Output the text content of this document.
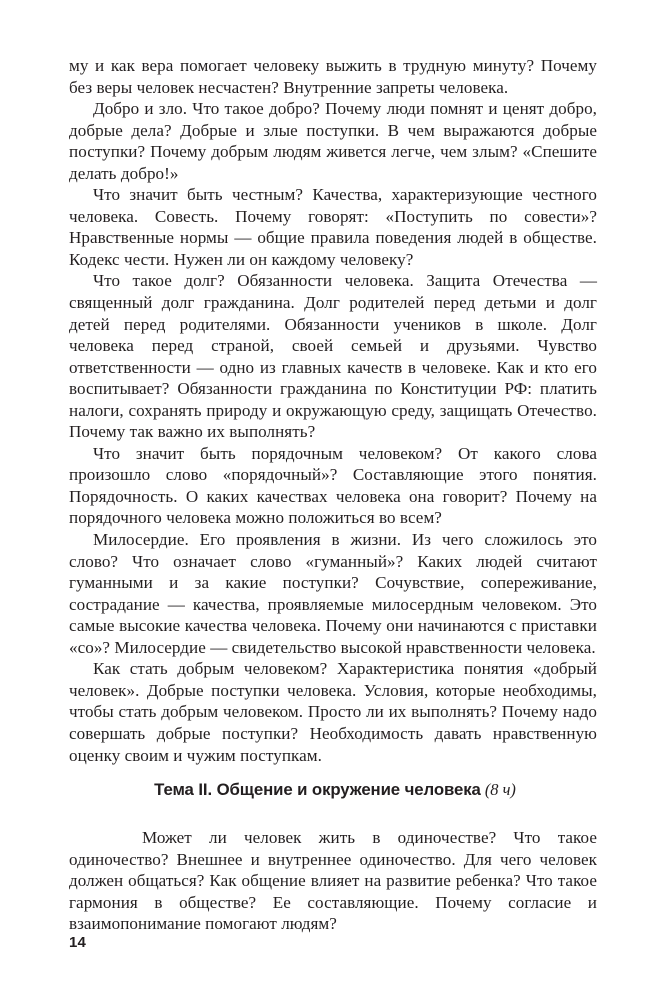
му и как вера помогает человеку выжить в трудную минуту? Почему без веры человек несчастен? Внутренние запреты человека.

Добро и зло. Что такое добро? Почему люди помнят и ценят добро, добрые дела? Добрые и злые поступки. В чем выражаются добрые поступки? Почему добрым людям живется легче, чем злым? «Спешите делать добро!»

Что значит быть честным? Качества, характеризующие честного человека. Совесть. Почему говорят: «Поступить по совести»? Нравственные нормы — общие правила поведения людей в обществе. Кодекс чести. Нужен ли он каждому человеку?

Что такое долг? Обязанности человека. Защита Отечества — священный долг гражданина. Долг родителей перед детьми и долг детей перед родителями. Обязанности учеников в школе. Долг человека перед страной, своей семьей и друзьями. Чувство ответственности — одно из главных качеств в человеке. Как и кто его воспитывает? Обязанности гражданина по Конституции РФ: платить налоги, сохранять природу и окружающую среду, защищать Отечество. Почему так важно их выполнять?

Что значит быть порядочным человеком? От какого слова произошло слово «порядочный»? Составляющие этого понятия. Порядочность. О каких качествах человека она говорит? Почему на порядочного человека можно положиться во всем?

Милосердие. Его проявления в жизни. Из чего сложилось это слово? Что означает слово «гуманный»? Каких людей считают гуманными и за какие поступки? Сочувствие, сопереживание, сострадание — качества, проявляемые милосердным человеком. Это самые высокие качества человека. Почему они начинаются с приставки «со»? Милосердие — свидетельство высокой нравственности человека.

Как стать добрым человеком? Характеристика понятия «добрый человек». Добрые поступки человека. Условия, которые необходимы, чтобы стать добрым человеком. Просто ли их выполнять? Почему надо совершать добрые поступки? Необходимость давать нравственную оценку своим и чужим поступкам.

Тема II. Общение и окружение человека (8 ч)

Может ли человек жить в одиночестве? Что такое одиночество? Внешнее и внутреннее одиночество. Для чего человек должен общаться? Как общение влияет на развитие ребенка? Что такое гармония в обществе? Ее составляющие. Почему согласие и взаимопонимание помогают людям?

14
